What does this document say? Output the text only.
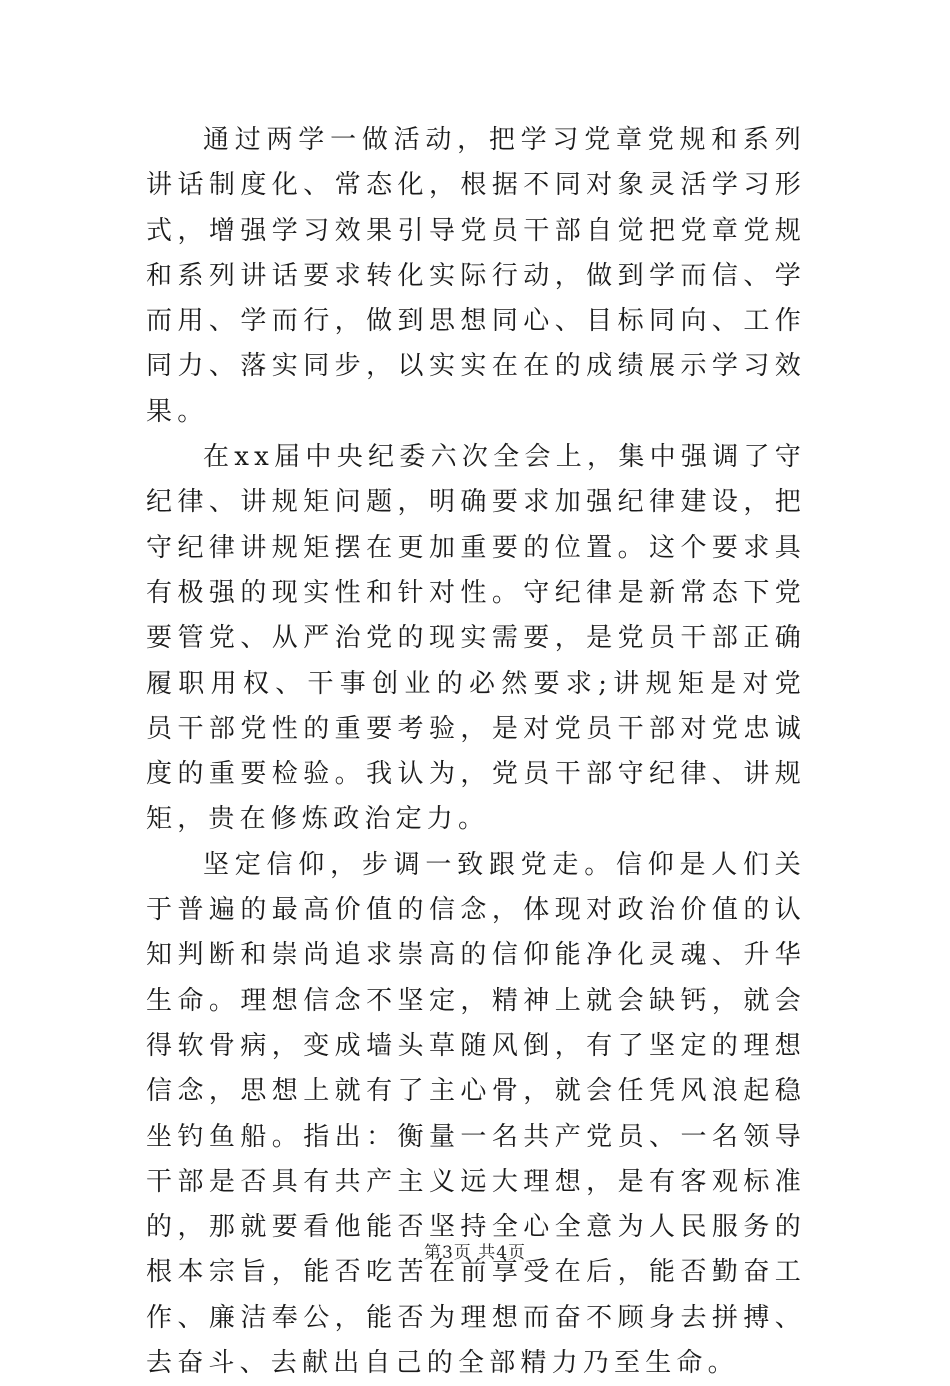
通过两学一做活动，把学习党章党规和系列讲话制度化、常态化，根据不同对象灵活学习形式，增强学习效果引导党员干部自觉把党章党规和系列讲话要求转化实际行动，做到学而信、学而用、学而行，做到思想同心、目标同向、工作同力、落实同步，以实实在在的成绩展示学习效果。

在xx届中央纪委六次全会上，集中强调了守纪律、讲规矩问题，明确要求加强纪律建设，把守纪律讲规矩摆在更加重要的位置。这个要求具有极强的现实性和针对性。守纪律是新常态下党要管党、从严治党的现实需要，是党员干部正确履职用权、干事创业的必然要求;讲规矩是对党员干部党性的重要考验，是对党员干部对党忠诚度的重要检验。我认为，党员干部守纪律、讲规矩，贵在修炼政治定力。

坚定信仰，步调一致跟党走。信仰是人们关于普遍的最高价值的信念，体现对政治价值的认知判断和崇尚追求崇高的信仰能净化灵魂、升华生命。理想信念不坚定，精神上就会缺钙，就会得软骨病，变成墙头草随风倒，有了坚定的理想信念，思想上就有了主心骨，就会任凭风浪起稳坐钓鱼船。指出：衡量一名共产党员、一名领导干部是否具有共产主义远大理想，是有客观标准的，那就要看他能否坚持全心全意为人民服务的根本宗旨，能否吃苦在前享受在后，能否勤奋工作、廉洁奉公，能否为理想而奋不顾身去拼搏、去奋斗、去献出自己的全部精力乃至生命。

第3页 共4页
